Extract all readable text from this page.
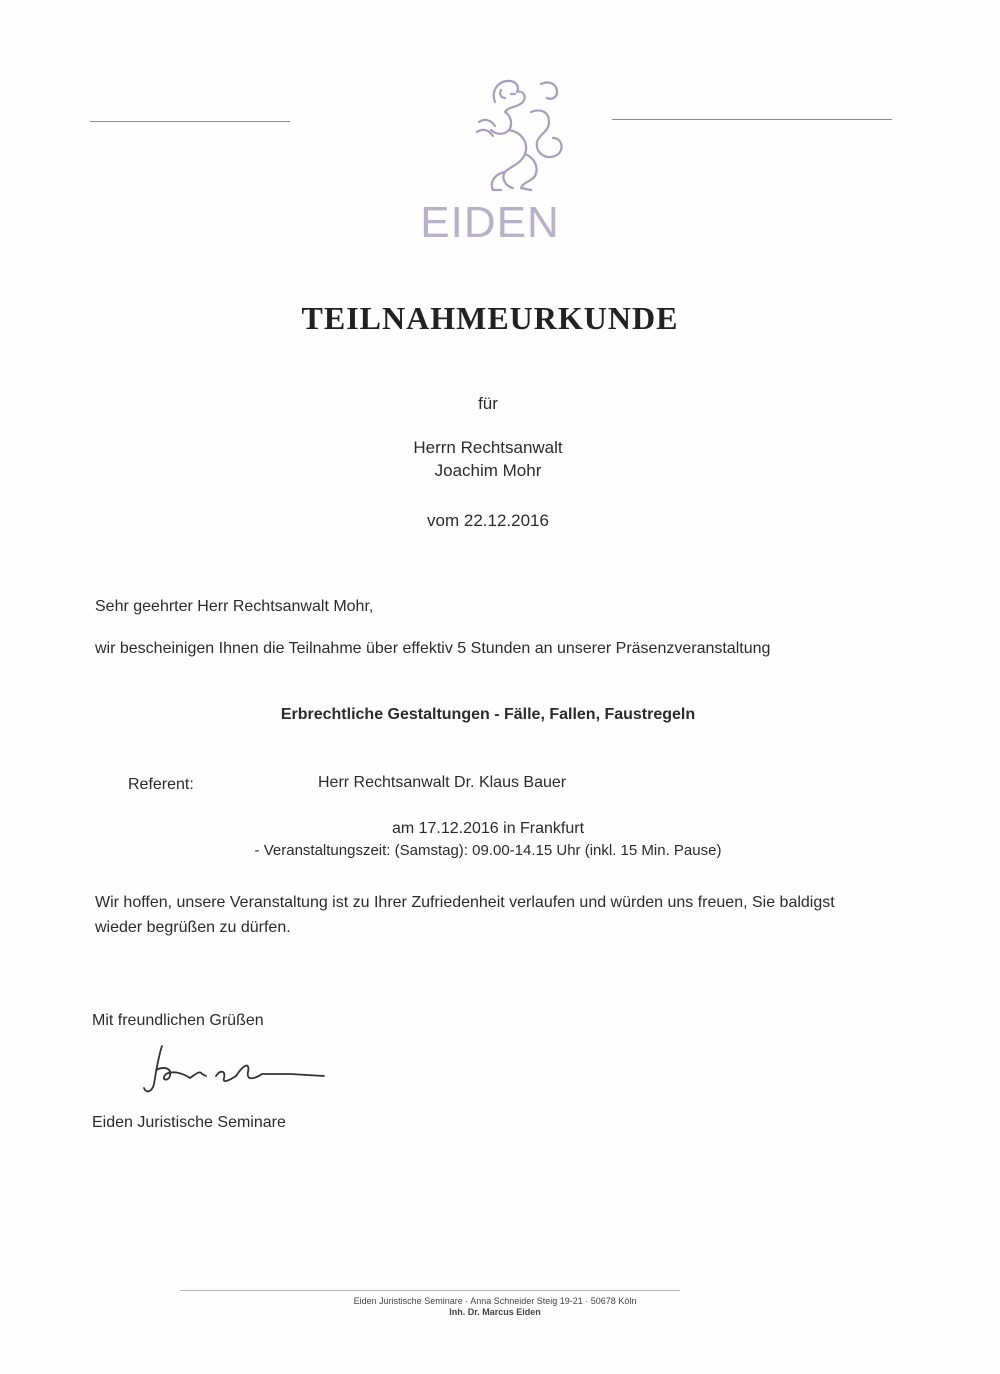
EIDEN
TEILNAHMEURKUNDE
für
Herrn Rechtsanwalt
Joachim Mohr
vom 22.12.2016
Sehr geehrter Herr Rechtsanwalt Mohr,
wir bescheinigen Ihnen die Teilnahme über effektiv 5 Stunden an unserer Präsenzveranstaltung
Erbrechtliche Gestaltungen - Fälle, Fallen, Faustregeln
Referent:	Herr Rechtsanwalt Dr. Klaus Bauer
am 17.12.2016 in Frankfurt
- Veranstaltungszeit: (Samstag): 09.00-14.15 Uhr (inkl. 15 Min. Pause)
Wir hoffen, unsere Veranstaltung ist zu Ihrer Zufriedenheit verlaufen und würden uns freuen, Sie baldigst wieder begrüßen zu dürfen.
Mit freundlichen Grüßen
Eiden Juristische Seminare
Eiden Juristische Seminare · Anna Schneider Steig 19-21 · 50678 Köln
Inh. Dr. Marcus Eiden
